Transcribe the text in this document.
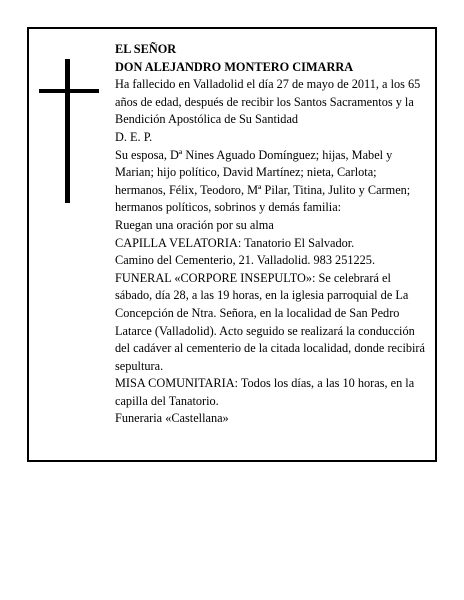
EL SEÑOR

DON ALEJANDRO MONTERO CIMARRA

Ha fallecido en Valladolid el día 27 de mayo de 2011, a los 65 años de edad, después de recibir los Santos Sacramentos y la Bendición Apostólica de Su Santidad

D. E. P.

Su esposa, Dª Nines Aguado Domínguez; hijas, Mabel y Marian; hijo político, David Martínez; nieta, Carlota; hermanos, Félix, Teodoro, Mª Pilar, Titina, Julito y Carmen; hermanos políticos, sobrinos y demás familia:

Ruegan una oración por su alma

CAPILLA VELATORIA: Tanatorio El Salvador.

Camino del Cementerio, 21. Valladolid. 983 251225.

FUNERAL «CORPORE INSEPULTO»: Se celebrará el sábado, día 28, a las 19 horas, en la iglesia parroquial de La Concepción de Ntra. Señora, en la localidad de San Pedro Latarce (Valladolid). Acto seguido se realizará la conducción del cadáver al cementerio de la citada localidad, donde recibirá sepultura.

MISA COMUNITARIA: Todos los días, a las 10 horas, en la capilla del Tanatorio.

Funeraria «Castellana»
